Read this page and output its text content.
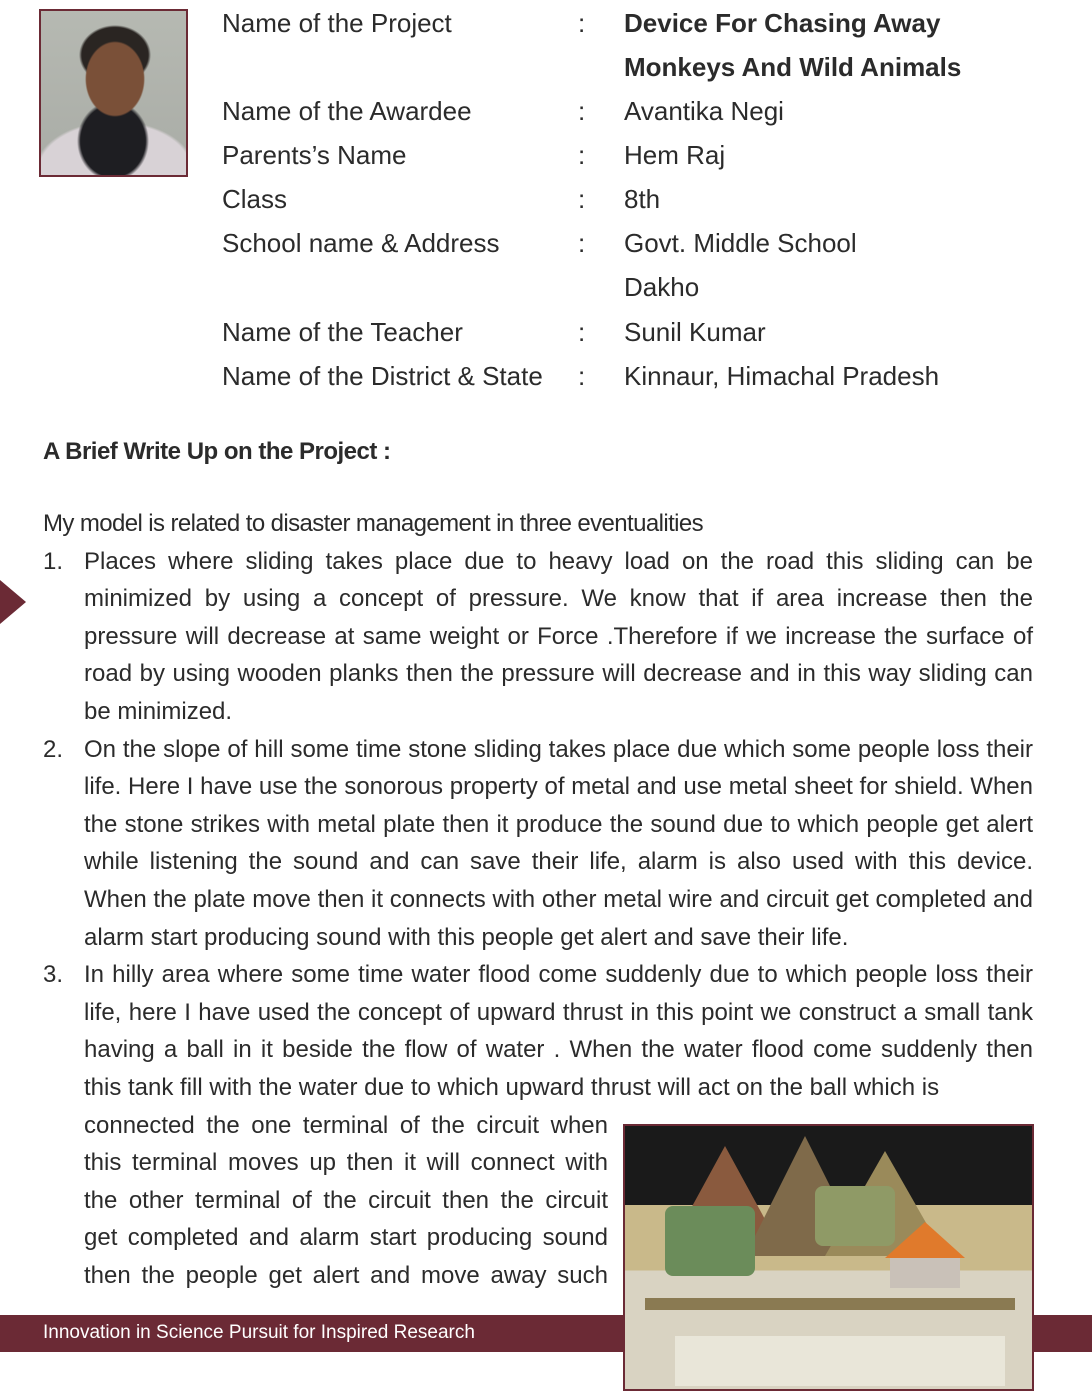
Name of the Project	: Device For Chasing Away
Monkeys And Wild Animals
Name of the Awardee	: Avantika Negi
Parents’s Name	: Hem Raj
Class	: 8th
School name & Address	: Govt. Middle School
Dakho
Name of the Teacher	: Sunil Kumar
Name of the District & State : Kinnaur, Himachal Pradesh
A Brief Write Up on the Project :
My model is related to disaster management in three eventualities
1. Places where sliding takes place due to heavy load on the road this sliding can be minimized by using a concept of pressure. We know that if area increase then the pressure will decrease at same weight or Force .Therefore if we increase the surface of road by using wooden planks then the pressure will decrease and in this way sliding can be minimized.
2. On the slope of hill some time stone sliding takes place due which some people loss their life. Here I have use the sonorous property of metal and use metal sheet for shield. When the stone strikes with metal plate then it produce the sound due to which people get alert while listening the sound and can save their life, alarm is also used with this device. When the plate move then it connects with other metal wire and circuit get completed and alarm start producing sound with this people get alert and save their life.
3. In hilly area where some time water flood come suddenly due to which people loss their life, here I have used the concept of upward thrust in this point we construct a small tank having a ball in it beside the flow of water . When the water flood come suddenly then this tank fill with the water due to which upward thrust will act on the ball which is
connected the one terminal of the circuit when this terminal moves up then it will connect with the other terminal of the circuit then the circuit get completed and alarm start producing sound then the people get alert and move away such
Innovation in Science Pursuit for Inspired Research
